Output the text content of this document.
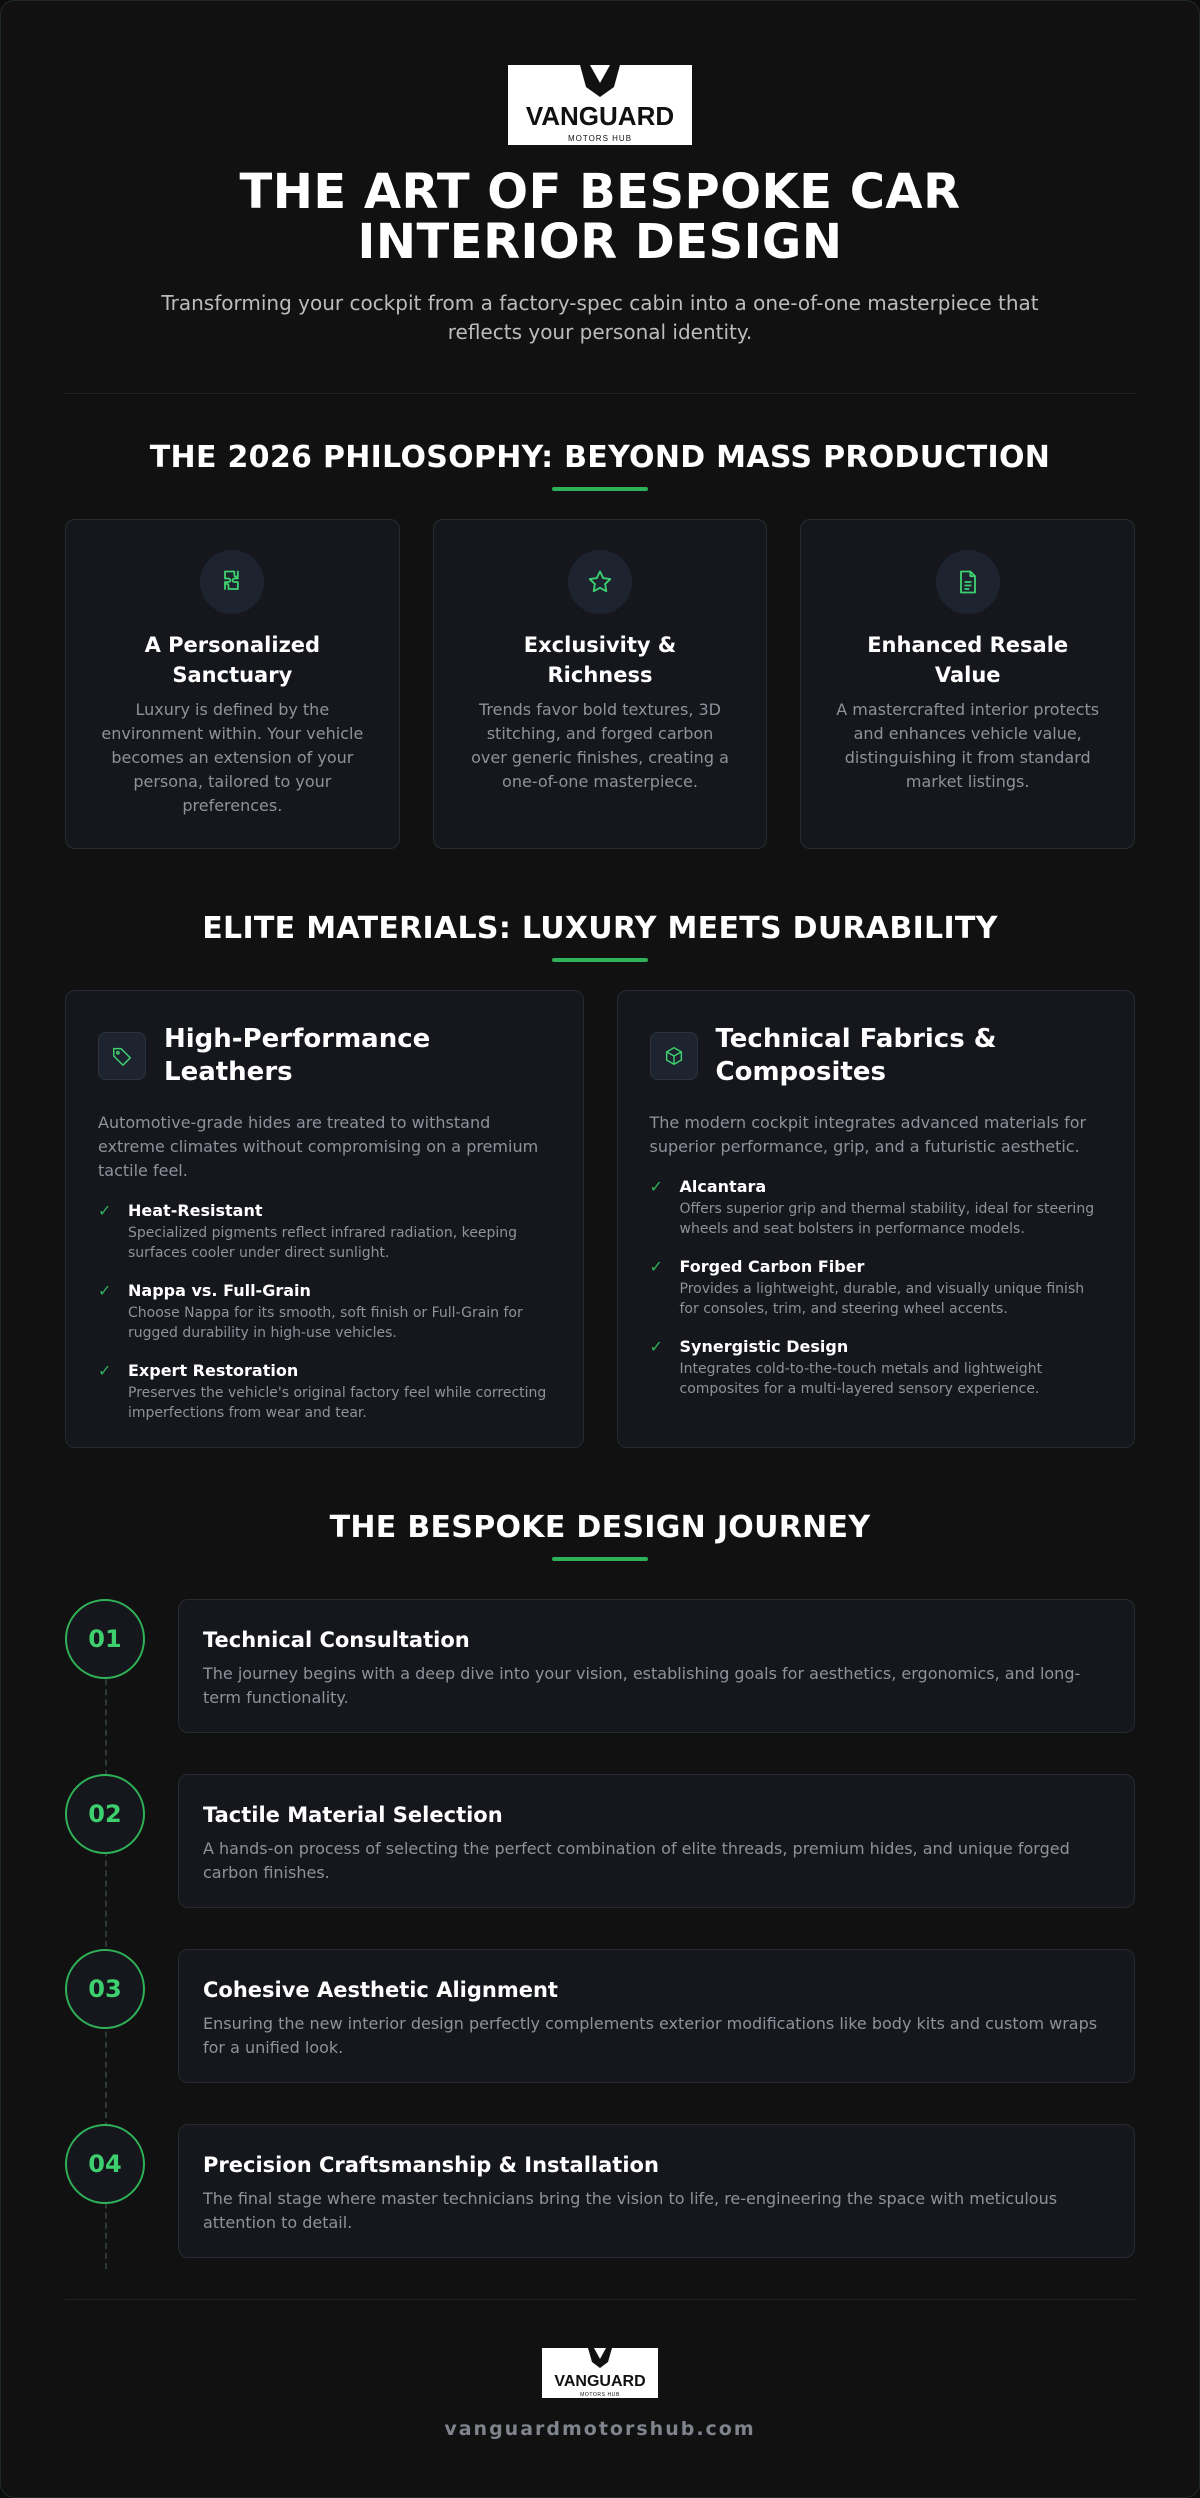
VANGUARD
MOTORS HUB
THE ART OF BESPOKE CAR INTERIOR DESIGN

Transforming your cockpit from a factory-spec cabin into a one-of-one masterpiece that reflects your personal identity.

THE 2026 PHILOSOPHY: BEYOND MASS PRODUCTION
A Personalized Sanctuary

Luxury is defined by the environment within. Your vehicle becomes an extension of your persona, tailored to your preferences.

Exclusivity & Richness

Trends favor bold textures, 3D stitching, and forged carbon over generic finishes, creating a one-of-one masterpiece.

Enhanced Resale Value

A mastercrafted interior protects and enhances vehicle value, distinguishing it from standard market listings.

ELITE MATERIALS: LUXURY MEETS DURABILITY
High-Performance Leathers

Automotive-grade hides are treated to withstand extreme climates without compromising on a premium tactile feel.

✓ Heat-Resistant

Specialized pigments reflect infrared radiation, keeping surfaces cooler under direct sunlight.

✓ Nappa vs. Full-Grain

Choose Nappa for its smooth, soft finish or Full-Grain for rugged durability in high-use vehicles.

✓ Expert Restoration

Preserves the vehicle's original factory feel while correcting imperfections from wear and tear.

Technical Fabrics & Composites

The modern cockpit integrates advanced materials for superior performance, grip, and a futuristic aesthetic.

✓ Alcantara

Offers superior grip and thermal stability, ideal for steering wheels and seat bolsters in performance models.

✓ Forged Carbon Fiber

Provides a lightweight, durable, and visually unique finish for consoles, trim, and steering wheel accents.

✓ Synergistic Design

Integrates cold-to-the-touch metals and lightweight composites for a multi-layered sensory experience.

THE BESPOKE DESIGN JOURNEY
01	Technical Consultation

The journey begins with a deep dive into your vision, establishing goals for aesthetics, ergonomics, and long-term functionality.

02	Tactile Material Selection

A hands-on process of selecting the perfect combination of elite threads, premium hides, and unique forged carbon finishes.

03	Cohesive Aesthetic Alignment

Ensuring the new interior design perfectly complements exterior modifications like body kits and custom wraps for a unified look.

04	Precision Craftsmanship & Installation

The final stage where master technicians bring the vision to life, re-engineering the space with meticulous attention to detail.

VANGUARD
MOTORS HUB
vanguardmotorshub.com
